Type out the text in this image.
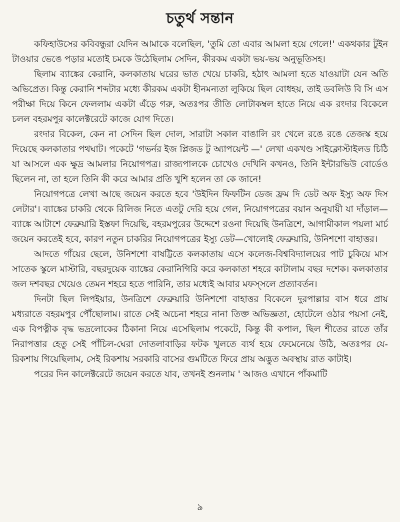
চতুর্থ সন্তান

কফিহাউসের কবিবন্ধুরা যেদিন আমাকে বলেছিল, 'তুমি তো এবার আমলা হয়ে গেলে!' একথকার টুইন টাওয়ার ভেঙে পড়ার মতোই চমকে উঠেছিলাম সেদিন, কীরকম একটা ভয়-ভয় অনুভূতিসহ।

ছিলাম ব্যাঙ্কের কেরানি, কলকাতায় ঘরের ভাত খেয়ে চাকরি, হঠাৎ আমলা হতে যাওয়াটা যেন অতি অভিপ্রেত। কিন্তু কেরানি শব্দটার মধ্যে কীরকম একটা হীনমন্যতা লুকিয়ে ছিল বোধহয়, তাই ডবলিউ বি সি এস পরীক্ষা দিয়ে কিনে ফেললাম একটা এঁড়ে গরু, অতঃপর তীতি লোটাকম্বল হাতে নিয়ে এক রংদার বিকেলে চলল বহরমপুর কালেক্টরেটে কাজে যোগ দিতে।

রংদার বিকেল, কেন না সেদিন ছিল দোল, সারাটা সকাল বাঙালি রং খেলে রঙে রঙে তেজস্ক হয়ে দিয়েছে কলকাতার পথঘাট। পকেটে 'গভর্নর ইজ প্লিজড টু অ্যাপয়েন্ট —' লেখা একখণ্ড সাইক্লোস্টাইলড চিঠি যা আসলে এক ক্ষুদ্র আমলার নিয়োগপত্র। রাজ্যপালকে চোখেও দেখিনি কখনও, তিনি ইন্টারভিউ বোর্ডেও ছিলেন না, তা হলে তিনি কী করে আমার প্রতি খুশি হলেন তা কে জানে!

নিয়োগপত্রে লেখা আছে জয়েন করতে হবে 'উইদিন ফিফটিন ডেজ ফ্রম দি ডেট অফ ইস্যু অফ দিস লেটার'। ব্যাঙ্কের চাকরি থেকে রিলিজ নিতে এতটু দেরি হয়ে গেল, নিয়োগপত্রের বয়ান অনুযায়ী যা দাঁড়াল—ব্যাঙ্কে আটাশে ফেব্রুয়ারি ইস্তফা দিয়েছি, বহরমপুরের উদ্দেশে রওনা দিয়েছি উনত্রিশে, আগামীকাল পয়লা মার্চ জয়েন করতেই হবে, কারণ নতুন চাকরির নিয়োগপত্রের ইস্যু ডেট—খোলোই ফেব্রুয়ারি, উনিশশো বাহাত্তর।

আদতে গাঁয়ের ছেলে, উনিশশো বাষট্টিতে কলকাতায় এসে কলেজ-বিশ্ববিদ্যালয়ের পাট চুকিয়ে মাস সাতেক স্কুলে মাস্টারি, বছরদুয়েক ব্যাঙ্কের কেরানিগিরি করে কলকাতা শহরে কাটালাম বছর দশেক। কলকাতার জল দশবছর খেয়েও তেমন শহরে হতে পারিনি, তার মধ্যেই আবার মফস্সলে প্রত্যাবর্তন।

দিনটা ছিল লিপইয়ার, উনত্রিশে ফেব্রুয়ারি উনিশশো বাহাত্তর বিকেলে দুরপাল্লার বাস ধরে প্রায় মধ্যরাতে বহরমপুর পৌঁছোলাম। রাতে সেই অচেনা শহরে নানা তিক্ত অভিজ্ঞতা, হোটেলে ওঠার পয়সা নেই, এক বিপত্নীক বৃদ্ধ ভদ্রলোকের ঠিকানা নিয়ে এসেছিলাম পকেটে, কিন্তু কী কপাল, ছিল শীতের রাতে তাঁর নিরাপত্তার হেতু সেই পাঁচিল-ঘেরা দোতলাবাড়ির ফটক খুলতে ব্যর্থ হয়ে ফেমেনেয়ে উঠি, অতঃপর যে-রিকশায় গিয়েছিলাম, সেই রিকশায় সরকারি বাসের গুমটিতে ফিরে প্রায় অদ্ভুত অবস্থায় রাত কাটাই।

পরের দিন কালেক্টরেটে জয়েন করতে যাব, তখনই শুনলাম ' আজও এখানে পাঁকমাটি

৯
